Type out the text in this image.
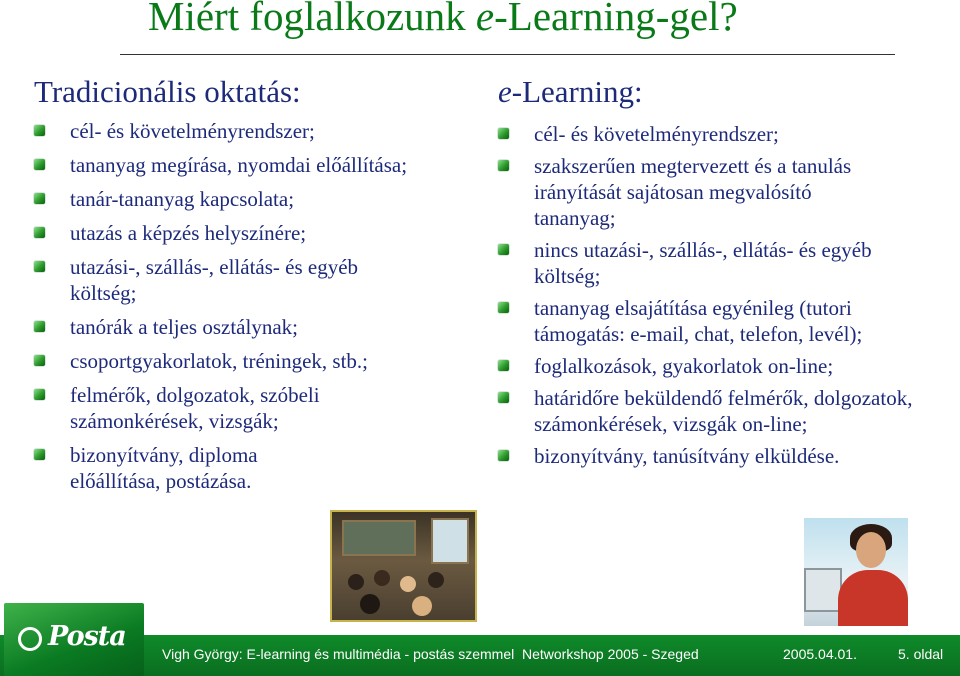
Miért foglalkozunk e-Learning-gel?
Tradicionális oktatás:
cél- és követelményrendszer;
tananyag megírása, nyomdai előállítása;
tanár-tananyag kapcsolata;
utazás a képzés helyszínére;
utazási-, szállás-, ellátás- és egyéb költség;
tanórák a teljes osztálynak;
csoportgyakorlatok, tréningek, stb.;
felmérők, dolgozatok, szóbeli számonkérések, vizsgák;
bizonyítvány, diploma előállítása, postázása.
e-Learning:
cél- és követelményrendszer;
szakszerűen megtervezett és a tanulás irányítását sajátosan megvalósító tananyag;
nincs utazási-, szállás-, ellátás- és egyéb költség;
tananyag elsajátítása egyénileg (tutori támogatás: e-mail, chat, telefon, levél);
foglalkozások, gyakorlatok on-line;
határidőre beküldendő felmérők, dolgozatok, számonkérések, vizsgák on-line;
bizonyítvány, tanúsítvány elküldése.
Posta
Vigh György: E-learning és multimédia - postás szemmel Networkshop 2005 - Szeged	2005.04.01.	5. oldal
